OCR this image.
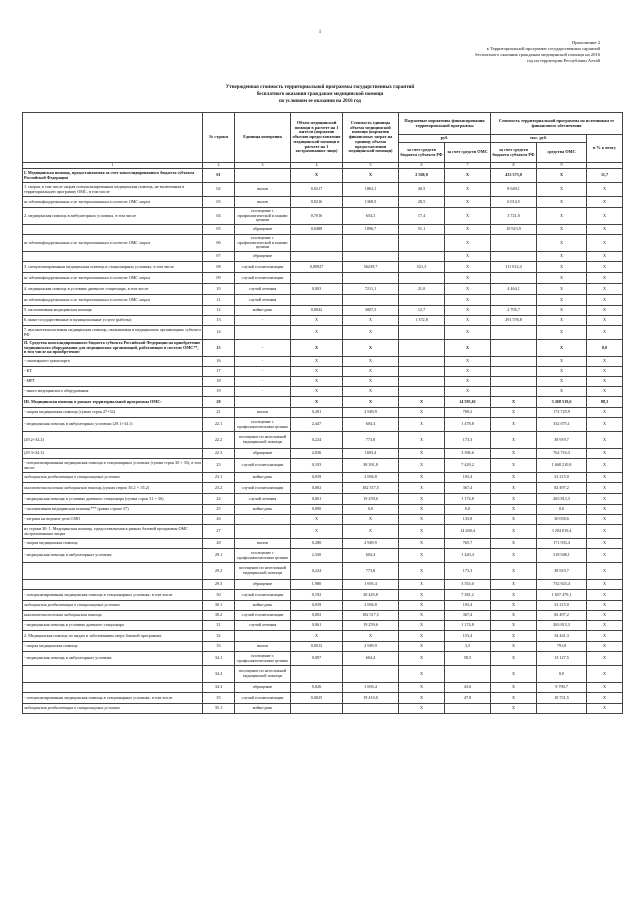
1
Приложение 2
к Территориальной программе государственных гарантий
бесплатного оказания гражданам медицинской помощи на 2016
год на территории Республики Алтай
Утвержденная стоимость территориальной программы государственных гарантий
бесплатного оказания гражданам медицинской помощи
по условиям ее оказания на 2016 год
	№ строки	Единица измерения	Объем медицинской помощи в расчете на 1 жителя (норматив объемов предоставления медицинской помощи в расчете на 1 застрахованное лицо)	Стоимость единицы объема медицинской помощи (норматив финансовых затрат на единицу объема предоставления медицинской помощи)	Подушевые нормативы финансирования территориальной программы		Стоимость территориальной программы по источникам ее финансового обеспечения		
					руб.		тыс. руб.		в % к итогу
					за счет средств бюджета субъекта РФ	за счет средств ОМС	за счет средств бюджета субъекта РФ	средства ОМС	
1	2	3	4	5	6	7	8	9	
I. Медицинская помощь, предоставляемая за счет консолидированного бюджета субъекта Российской Федерации	01		Х	Х	2 568,0	Х	433 573,0	Х	11,7
1. скорая, в том числе скорая специализированная медицинская помощь, не включенная в территориальную программу ОМС, в том числе	02	вызов	0,0217	1863,1	40,5	Х	8 649,1	Х	Х
не идентифицированным и не застрахованным в системе ОМС лицам	03	вызов	0,0216	1368,5	28,5	Х	6 014,5	Х	Х
2. медицинская помощь в амбулаторных условиях, в том числе	04	посещение с профилактической и иными целями	0,7016	654,3	17,4	Х	3 721,0	Х	Х
	05	обращение	0,0488	1096,7	51,1	Х	10 923,9	Х	Х
не идентифицированным и не застрахованным в системе ОМС лицам	06	посещение с профилактической и иными целями				Х		Х	Х
	07	обращение				Х		Х	Х
3. специализированная медицинская помощь в стационарных условиях, в том числе	08	случай госпитализации	0,00927	56239,7	521,3	Х	111 012,4	Х	Х
не идентифицированным и не застрахованным в системе ОМС лицам	09	случай госпитализации				Х		Х	Х
4. медицинская помощь в условиях дневного стационара, в том числе	10	случай лечения	0,003	7211,1	21,0	Х	4 464,1	Х	Х
не идентифицированным и не застрахованным в системе ОМС лицам	11	случай лечения				Х		Х	Х
5. паллиативная медицинская помощь	12	койко-день	0,0042	3007,3	12,7	Х	2 705,7	Х	Х
6. иные государственные и муниципальные услуги (работы)	13	-	Х	Х	1 372,8	Х	291 576,8	Х	Х
7. высокотехнологичная медицинская помощь, оказываемая в медицинских организациях субъекта РФ	14		Х	Х		Х		Х	Х
II. Средства консолидированного бюджета субъекта Российской Федерации на приобретение медицинского оборудования для медицинских организаций, работающих в системе ОМС**, в том числе на приобретение:	15	-	Х	Х		Х		Х	0,0
- санитарного транспорта	16	-	Х	Х		Х		Х	Х
- КТ	17	-	Х	Х		Х		Х	Х
- МРТ	18	-	Х	Х		Х		Х	Х
- иного медицинского оборудования	19	-	Х	Х		Х		Х	Х
III. Медицинская помощь в рамках территориальной программы ОМС:	20		Х	Х	Х	14 595,61	Х	3 268 519,6	88,3
- скорая медицинская помощь (сумма строк 27+32)	21	вызов	0,281	2 949,9	Х	769,2	Х	172 725,9	Х
- медицинская помощь в амбулаторных условиях (29.1+34.1)	22.1	посещение с профилактическими целями	2,447	604,4	Х	1 478,8	Х	332 075,1	Х
(29.2+34.2)	22.2	посещение по неотложной медицинской помощи	0,224	773,8	Х	173,3	Х	38 919,7	Х
(29.3+34.3)	22.3	обращение	2,036	1693,4	Х	3 396,6	Х	762 716,3	Х
- специализированная медицинская помощь в стационарных условиях (сумма строк 30 + 35), в том числе:	23	случай госпитализации	0,193	38 391,8	Х	7 429,2	Х	1 668 210,8	Х
медицинская реабилитация в стационарных условиях	23.1	койко-день	0,039	2 694,8	Х	103,4	Х	23 215,0	Х
высокотехнологичная медицинская помощь (сумма строк 30.2 + 35.2)	23.2	случай госпитализации	0,002	182 517,5	Х	367,4	Х	82 497,2	Х
- медицинская помощь в условиях дневного стационара (сумма строк 31 + 36)	24	случай лечения	0,061	19 259,6	Х	1 174,8	Х	263 813,3	Х
- паллиативная медицинская помощь*** (равно строке 37)	25	койко-день	0,000	0,0	Х	0,0	Х	0,0	Х
- затраты на ведение дела СМО	26	-	Х	Х	Х	133,8	Х	30 058,6	Х
из строки 20: 1. Медицинская помощь, предоставляемая в рамках базовой программы ОМС застрахованным лицам	27		Х	Х	Х	14 268,4	Х	3 204 019,4	Х
- скорая медицинская помощь	28	вызов	0,280	2 949,9	Х	765,7	Х	171 933,4	Х
- медицинская помощь в амбулаторных условиях	29.1	посещение с профилактическими целями	2,350	604,4	Х	1 420,4	Х	318 948,1	Х
	29.2	посещение по неотложной медицинской помощи	0,224	773,8	Х	173,3	Х	38 919,7	Х
	29.3	обращение	1,980	1 693,4	Х	3 353,0	Х	752 923,4	Х
- специализированная медицинская помощь в стационарных условиях, в том числе	30	случай госпитализации	0,192	38 445,8	Х	7 381,2	Х	1 657 479,1	Х
медицинская реабилитация в стационарных условиях	30.1	койко-день	0,039	2 694,8	Х	103,4	Х	23 215,0	Х
высокотехнологичная медицинская помощь	30.2	случай госпитализации	0,002	182 517,5	Х	367,4	Х	82 497,2	Х
- медицинская помощь в условиях дневного стационара	31	случай лечения	0,061	19 259,6	Х	1 174,8	Х	263 813,3	Х
2. Медицинская помощь по видам и заболеваниям сверх базовой программы:	32		Х	Х	Х	153,4	Х	34 441,3	Х
- скорая медицинская помощь	33	вызов	0,0012	2 949,9	Х	3,5	Х	791,8	Х
- медицинская помощь в амбулаторных условиях	34.1	посещение с профилактическими целями	0,097	604,4	Х	58,5	Х	13 127,5	Х
	34.2	посещение по неотложной медицинской помощи			Х		Х	0,0	Х
	34.3	обращение	0,026	1 693,4	Х	43,6	Х	9 790,7	Х
- специализированная медицинская помощь в стационарных условиях, в том числе	35	случай госпитализации	0,0025	19 410,0	Х	47,8	Х	10 731,5	Х
медицинская реабилитация в стационарных условиях	35.1	койко-день			Х		Х		Х
